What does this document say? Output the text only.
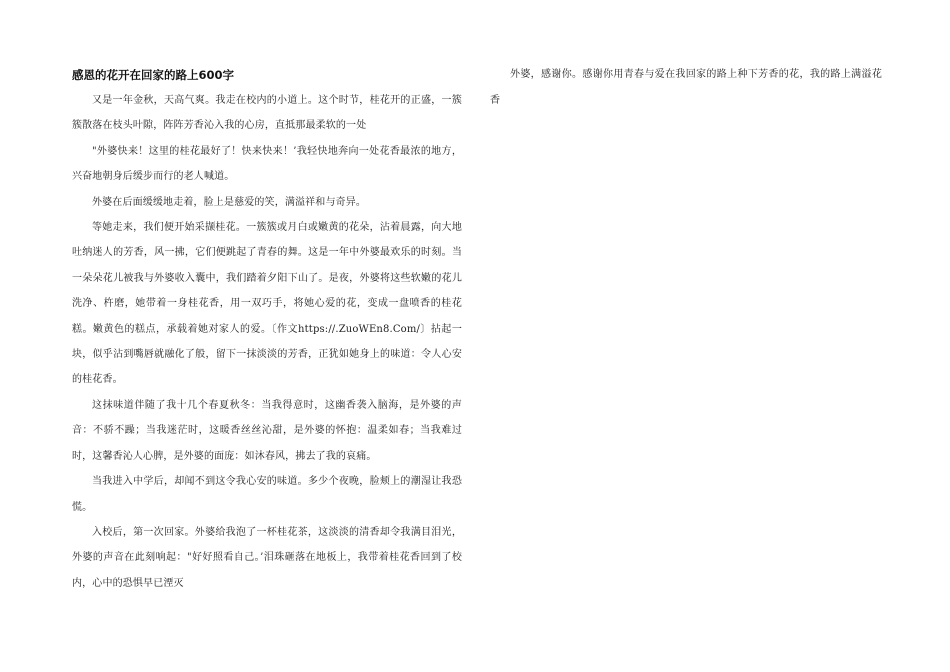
感恩的花开在回家的路上600字

又是一年金秋，天高气爽。我走在校内的小道上。这个时节，桂花开的正盛，一簇簇散落在枝头叶隙，阵阵芳香沁入我的心房，直抵那最柔软的一处

"外婆快来！这里的桂花最好了！快来快来！’我轻快地奔向一处花香最浓的地方，兴奋地朝身后缓步而行的老人喊道。

外婆在后面缓缓地走着，脸上是慈爱的笑，满溢祥和与奇异。

等她走来，我们便开始采撷桂花。一簇簇或月白或嫩黄的花朵，沾着晨露，向大地吐纳迷人的芳香，风一拂，它们便跳起了青春的舞。这是一年中外婆最欢乐的时刻。当一朵朵花儿被我与外婆收入囊中，我们踏着夕阳下山了。是夜，外婆将这些软嫩的花儿洗净、杵磨，她带着一身桂花香，用一双巧手，将她心爱的花，变成一盘喷香的桂花糕。嫩黄色的糕点，承载着她对家人的爱。〔作文https://.ZuoWEn8.Com/〕拈起一块，似乎沾到嘴唇就融化了般，留下一抹淡淡的芳香，正犹如她身上的味道：令人心安的桂花香。

这抹味道伴随了我十几个春夏秋冬：当我得意时，这幽香袭入脑海，是外婆的声音：不骄不躁；当我迷茫时，这暖香丝丝沁甜，是外婆的怀抱：温柔如春；当我难过时，这馨香沁人心脾，是外婆的面庞：如沐春风，拂去了我的哀痛。

当我进入中学后，却闻不到这令我心安的味道。多少个夜晚，脸颊上的潮湿让我恐慌。

入校后，第一次回家。外婆给我泡了一杯桂花茶，这淡淡的清香却令我满目泪光，外婆的声音在此刻响起："好好照看自己。’泪珠砸落在地板上，我带着桂花香回到了校内，心中的恐惧早已湮灭

外婆，感谢你。感谢你用青春与爱在我回家的路上种下芳香的花，我的路上满溢花香
